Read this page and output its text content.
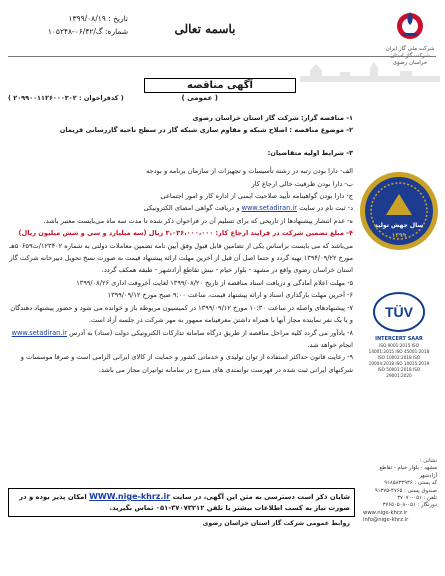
تاریخ : ۱۳۹۹/۰۸/۱۹
شماره: گ/۰۶/۴۲-۱۰۵۲۴۸	باسمه تعالی
شرکت ملی گاز ایران
خراسان رضوی
آگهی مناقصه
( عمومی )
( کدفراخوان : ۲۰۹۹۰۰۱۱۲۶۰۰۰۳۰۲ )

۱- مناقصه گزار: شرکت گاز استان خراسان رضوی

۲- موضوع مناقصه : اصلاح شبکه و مقاوم سازی شبکه گاز در سطح ناحیه گازرسانی فریمان

۳- شرایط اولیه متقاضیان:

الف- دارا بودن رتبه در رشته تأسیسات و تجهیزات از سازمان برنامه و بودجه

ب- دارا بودن ظرفیت خالی ارجاع کار

ج- دارا بودن گواهینامه تأیید صلاحیت ایمنی از اداره کار و امور اجتماعی

د- ثبت نام در سایت www.setadiran.ir و دریافت گواهی امضای الکترونیکی

ه- عدم انتشار پیشنهادها از تاریخی که برای تسلیم آن در فراخوان ذکر شده تا مدت سه ماه می‌بایست معتبر باشد.

۴- مبلغ تضمین شرکت در فرایند ارجاع کار: ۳،۰۳۶،۰۰۰،۰۰۰ ریال (سه میلیارد و سی و شش میلیون ریال) می‌باشد که می بایست براساس یکی از تضامین قابل قبول وفق آیین نامه تضمین معاملات دولتی به شماره ۱۲۳۴۰۲/ت۵۰۶۵۹هـ مورخ ۱۳۹۴/۰۹/۲۲ تهیه گردد و حتما اصل آن قبل از آخرین مهلت ارائه پیشنهاد قیمت به صورت نسخ تحویل دبیرخانه شرکت گاز استان خراسان رضوی واقع در مشهد - بلوار خیام - نبش تقاطع آزادشهر - طبقه همکف گردد.

۵- مهلت اعلام آمادگی و دریافت اسناد مناقصه از تاریخ ۱۳۹۹/۰۸/۲۰ لغایت آخروقت اداری ۱۳۹۹/۰۸/۲۶

۶- آخرین مهلت بارگذاری اسناد و ارائه پیشنهاد قیمت، ساعت ۹:۰۰ صبح مورخ ۱۳۹۹/۰۹/۱۲

۷- پیشنهادهای واصله در ساعت ۱۰:۳۰ مورخ ۱۳۹۹/۰۹/۱۲ در کمیسیون مربوطه باز و خوانده می شود و حضور پیشنهاد دهندگان و یا یک نفر نماینده مجاز آنها با همراه داشتن معرفینامه ممهور به مهر شرکت در جلسه آزاد است.

۸- یادآور می گردد کلیه مراحل مناقصه از طریق درگاه سامانه تدارکات الکترونیکی دولت (ستاد) به آدرس www.setadiran.ir انجام خواهد شد.

۹- رعایت قانون حداکثر استفاده از توان تولیدی و خدماتی کشور و حمایت از کالای ایرانی الزامی است و صرفا موسسات و شرکتهای ایرانی ثبت شده در فهرست توانمندی های مندرج در سامانه توانیران مجاز می باشد.

شایان ذکر است دسترسی به متن این آگهی، در سایت WWW.nige-khrz.ir امکان پذیر بوده و در
صورت نیاز به کسب اطلاعات بیشتر با تلفن ۳۷۰۷۳۲۱۲-۰۵۱ تماس بگیرید.
روابط عمومی شرکت گاز استان خراسان رضوی
سال جهش تولید
۱۳۹۹
TÜV
INTERCERT SAAR
ISO 9001:2015 ISO 14001:2015 ISO 45001:2018 ISO 10002:2018 ISO 10004:2018 ISO 10015:2019 ISO 50001:2018 ISO 29001:2020
نشانی :
مشهد - بلوار خیام - تقاطع آزادشهر
کد پستی : ۹۱۸۵۸۳۳۹۳۶
صندوق پستی : ۴۷۶۵-۹۱۳۷۵
تلفن : ۰۵۱-۳۷۰۷۰
دورنگار : ۰۵۱-۳۷۶۵۰۵۰۸
www.nige-khrz.ir
info@nige-khrz.ir
